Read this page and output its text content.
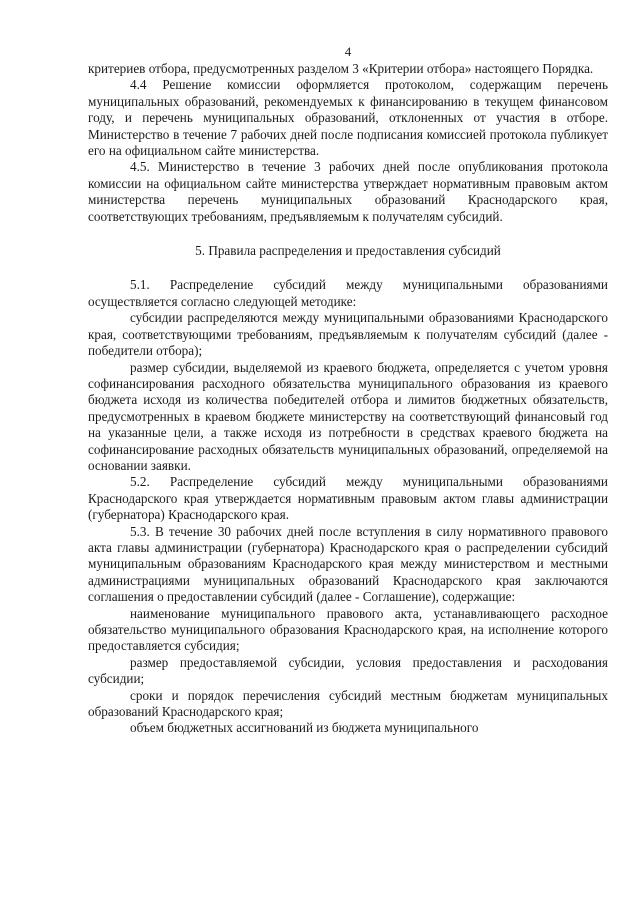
4

критериев отбора, предусмотренных разделом 3 «Критерии отбора» настоящего Порядка.

4.4 Решение комиссии оформляется протоколом, содержащим перечень муниципальных образований, рекомендуемых к финансированию в текущем финансовом году, и перечень муниципальных образований, отклоненных от участия в отборе. Министерство в течение 7 рабочих дней после подписания комиссией протокола публикует его на официальном сайте министерства.

4.5. Министерство в течение 3 рабочих дней после опубликования протокола комиссии на официальном сайте министерства утверждает нормативным правовым актом министерства перечень муниципальных образований Краснодарского края, соответствующих требованиям, предъявляемым к получателям субсидий.

5. Правила распределения и предоставления субсидий

5.1. Распределение субсидий между муниципальными образованиями осуществляется согласно следующей методике:

субсидии распределяются между муниципальными образованиями Краснодарского края, соответствующими требованиям, предъявляемым к получателям субсидий (далее - победители отбора);

размер субсидии, выделяемой из краевого бюджета, определяется с учетом уровня софинансирования расходного обязательства муниципального образования из краевого бюджета исходя из количества победителей отбора и лимитов бюджетных обязательств, предусмотренных в краевом бюджете министерству на соответствующий финансовый год на указанные цели, а также исходя из потребности в средствах краевого бюджета на софинансирование расходных обязательств муниципальных образований, определяемой на основании заявки.

5.2. Распределение субсидий между муниципальными образованиями Краснодарского края утверждается нормативным правовым актом главы администрации (губернатора) Краснодарского края.

5.3. В течение 30 рабочих дней после вступления в силу нормативного правового акта главы администрации (губернатора) Краснодарского края о распределении субсидий муниципальным образованиям Краснодарского края между министерством и местными администрациями муниципальных образований Краснодарского края заключаются соглашения о предоставлении субсидий (далее - Соглашение), содержащие:

наименование муниципального правового акта, устанавливающего расходное обязательство муниципального образования Краснодарского края, на исполнение которого предоставляется субсидия;

размер предоставляемой субсидии, условия предоставления и расходования субсидии;

сроки и порядок перечисления субсидий местным бюджетам муниципальных образований Краснодарского края;

объем бюджетных ассигнований из бюджета муниципального
